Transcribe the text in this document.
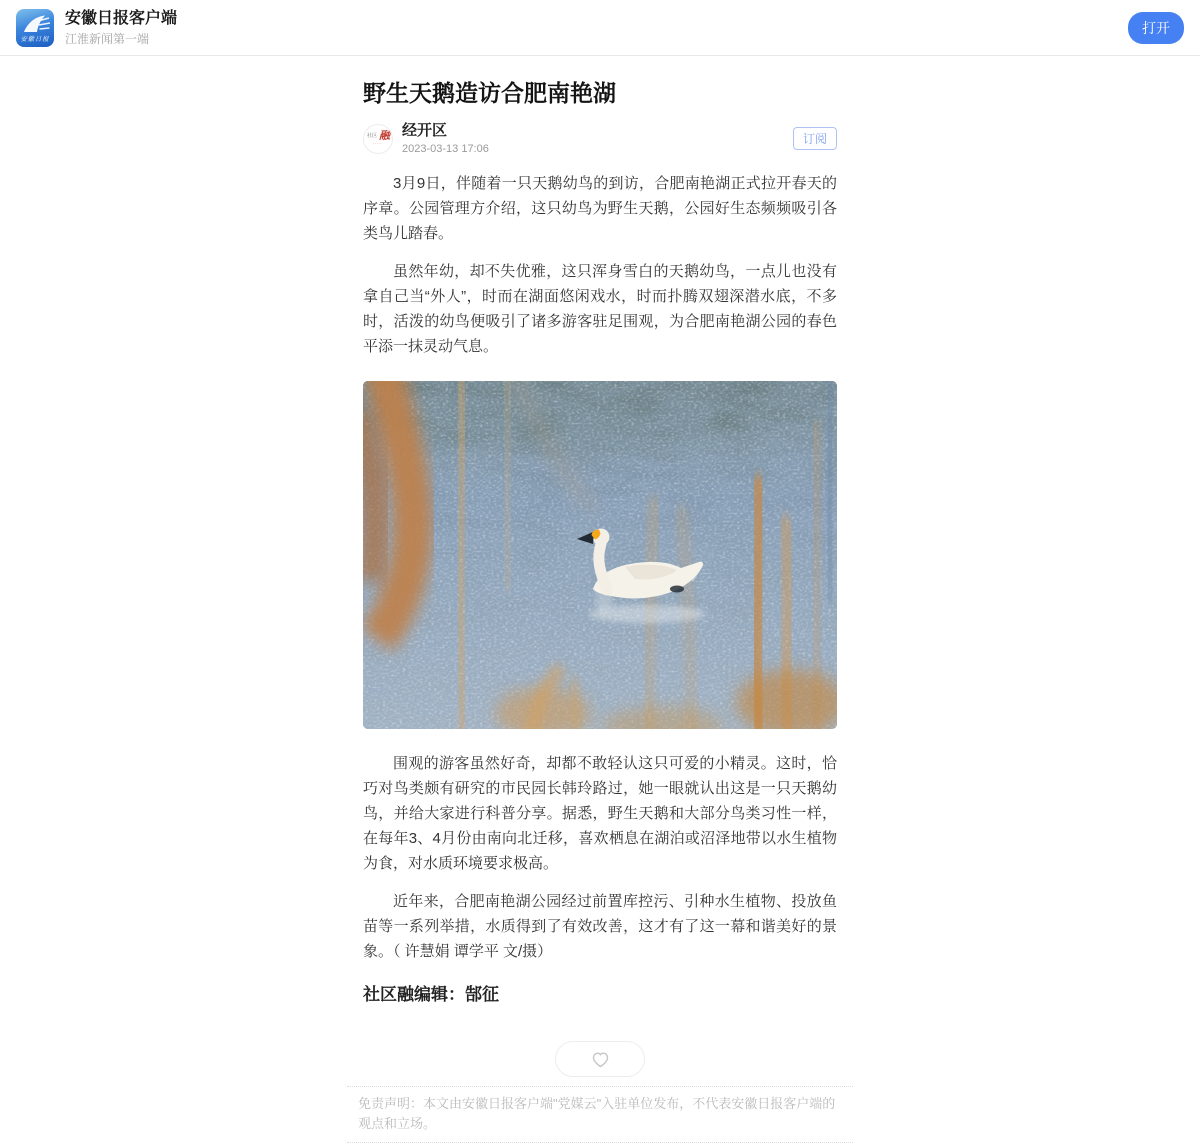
安徽日报
安徽日报客户端
江淮新闻第一端
打开
野生天鹅造访合肥南艳湖
社区 融
·····
经开区
2023-03-13 17:06
订阅

3月9日，伴随着一只天鹅幼鸟的到访，合肥南艳湖正式拉开春天的序章。公园管理方介绍，这只幼鸟为野生天鹅，公园好生态频频吸引各类鸟儿踏春。

虽然年幼，却不失优雅，这只浑身雪白的天鹅幼鸟，一点儿也没有拿自己当“外人”，时而在湖面悠闲戏水，时而扑腾双翅深潜水底，不多时，活泼的幼鸟便吸引了诸多游客驻足围观，为合肥南艳湖公园的春色平添一抹灵动气息。

围观的游客虽然好奇，却都不敢轻认这只可爱的小精灵。这时，恰巧对鸟类颇有研究的市民园长韩玲路过，她一眼就认出这是一只天鹅幼鸟，并给大家进行科普分享。据悉，野生天鹅和大部分鸟类习性一样，在每年3、4月份由南向北迁移，喜欢栖息在湖泊或沼泽地带以水生植物为食，对水质环境要求极高。

近年来，合肥南艳湖公园经过前置库控污、引种水生植物、投放鱼苗等一系列举措，水质得到了有效改善，这才有了这一幕和谐美好的景象。（ 许慧娟 谭学平 文/摄）

社区融编辑：郜征
免责声明：本文由安徽日报客户端"党媒云"入驻单位发布，不代表安徽日报客户端的观点和立场。
